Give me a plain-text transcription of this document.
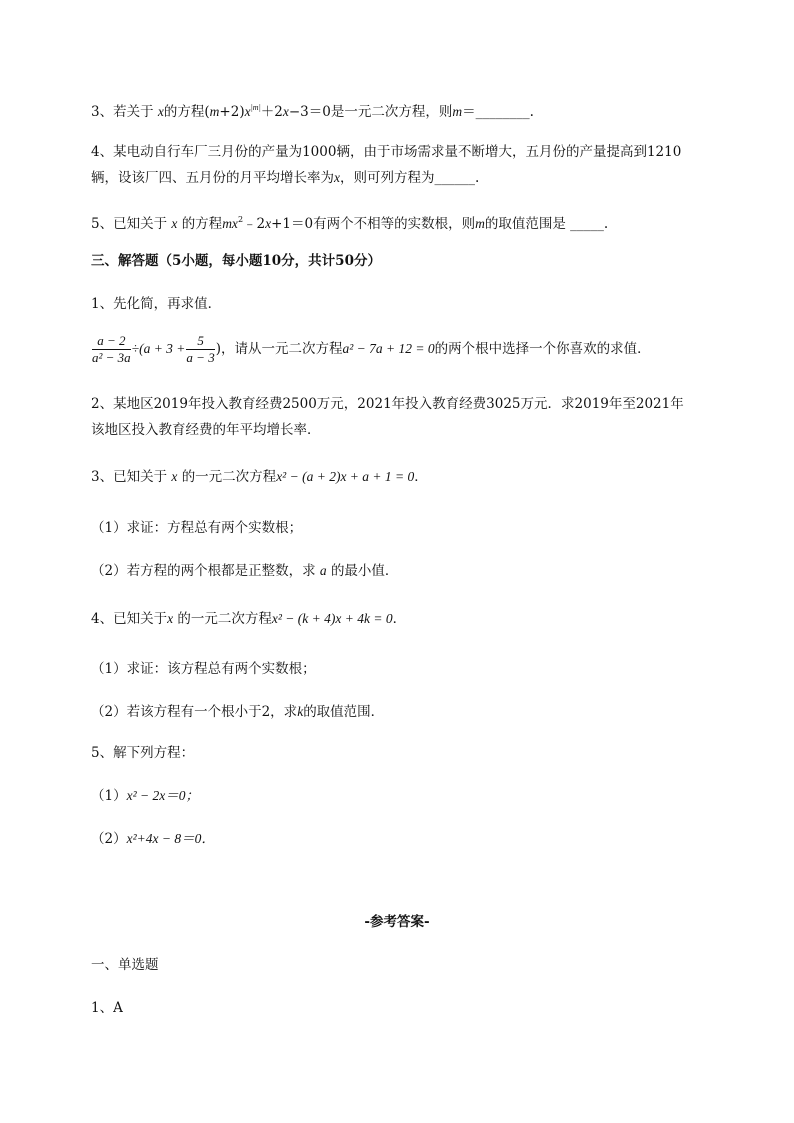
3、若关于 x的方程$(m+2)x^{|m|}+2x-3=0$是一元二次方程，则m＝________.
4、某电动自行车厂三月份的产量为1000辆，由于市场需求量不断增大，五月份的产量提高到1210
辆，设该厂四、五月份的月平均增长率为x，则可列方程为______.
5、已知关于 x 的方程$mx^2﹣2x+1=0$有两个不相等的实数根，则m的取值范围是 _____.
三、解答题（5小题，每小题10分，共计50分）
1、先化简，再求值．
$\frac{a - 2}{\text{a² − 3a}} \div(a + 3 + \frac{5}{a - 3}$ )，请从一元二次方程a² − 7a + 12 = 0的两个根中选择一个你喜欢的求值．
2、某地区2019年投入教育经费2500万元，2021年投入教育经费3025万元．求2019年至2021年
该地区投入教育经费的年平均增长率．
3、已知关于 x 的一元二次方程x² − (a + 2)x + a + 1 = 0．
（1）求证：方程总有两个实数根；
（2）若方程的两个根都是正整数，求 a 的最小值．
4、已知关于x 的一元二次方程x² − (k + 4)x + 4k = 0．
（1）求证：该方程总有两个实数根；
（2）若该方程有一个根小于2，求k的取值范围．
5、解下列方程：
（1）x² − 2x＝0；
（2）x²+4x − 8＝0．
-参考答案-
一、单选题
1、A
